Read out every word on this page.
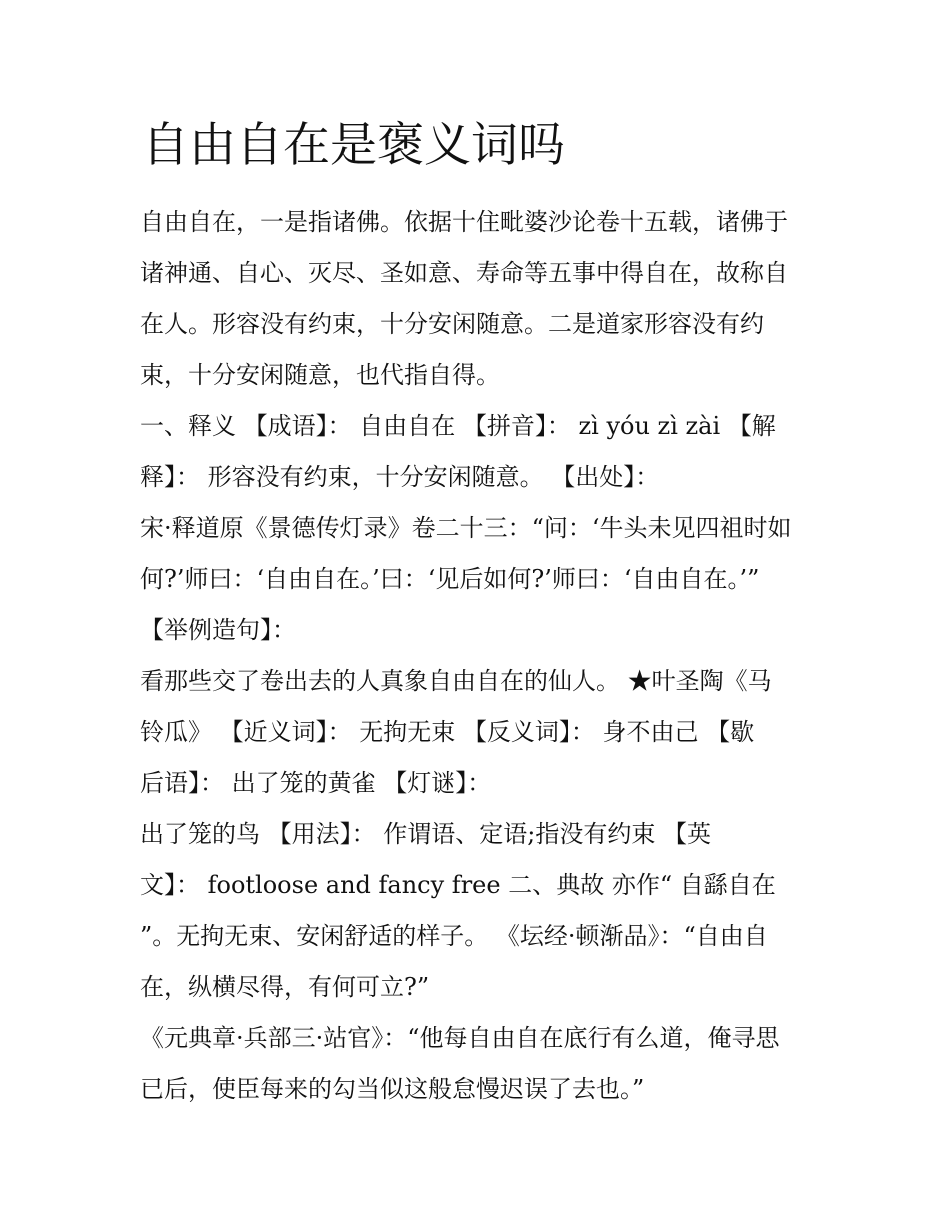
自由自在是褒义词吗
自由自在，一是指诸佛。依据十住毗婆沙论卷十五载，诸佛于
诸神通、自心、灭尽、圣如意、寿命等五事中得自在，故称自
在人。形容没有约束，十分安闲随意。二是道家形容没有约
束，十分安闲随意，也代指自得。
一、释义 【成语】： 自由自在 【拼音】： zì yóu zì zài 【解
释】： 形容没有约束，十分安闲随意。 【出处】：
宋·释道原《景德传灯录》卷二十三：“问：‘牛头未见四祖时如
何?’师曰：‘自由自在。’曰：‘见后如何?’师曰：‘自由自在。’”
【举例造句】：
看那些交了卷出去的人真象自由自在的仙人。 ★叶圣陶《马
铃瓜》 【近义词】： 无拘无束 【反义词】： 身不由己 【歇
后语】： 出了笼的黄雀 【灯谜】：
出了笼的鸟 【用法】： 作谓语、定语;指没有约束 【英
文】： footloose and fancy free 二、典故 亦作“ 自繇自在
”。无拘无束、安闲舒适的样子。 《坛经·顿渐品》：“自由自
在，纵横尽得，有何可立?”
《元典章·兵部三·站官》：“他每自由自在底行有么道，俺寻思
已后，使臣每来的勾当似这般怠慢迟误了去也。”
